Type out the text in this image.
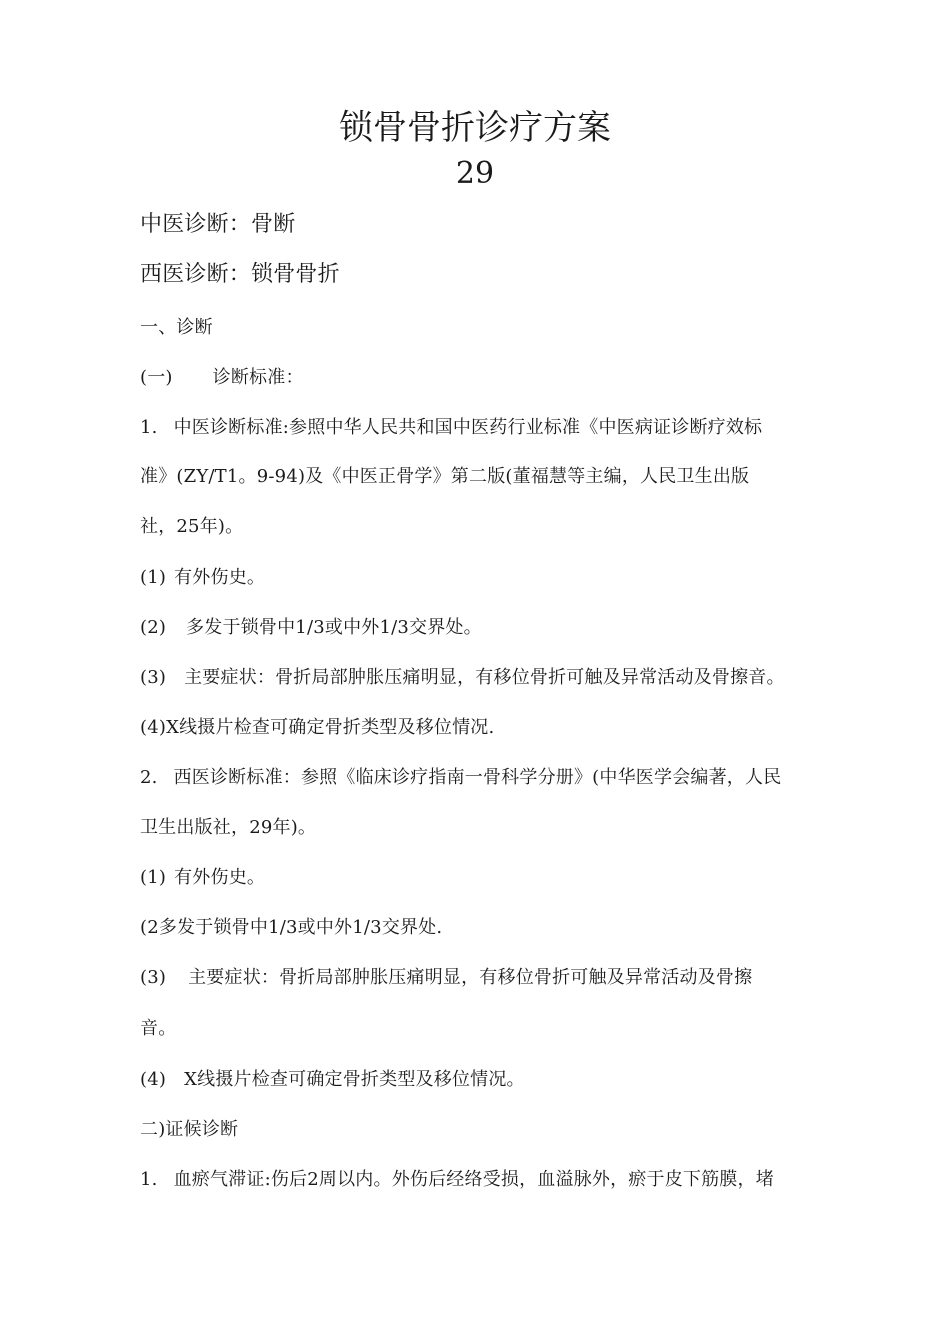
锁骨骨折诊疗方案
29
中医诊断：骨断
西医诊断：锁骨骨折
一、诊断
(一) 诊断标准：
1. 中医诊断标准:参照中华人民共和国中医药行业标准《中医病证诊断疗效标
准》(ZY/T1。9-94)及《中医正骨学》第二版(董福慧等主编，人民卫生出版
社，25年)。
(1) 有外伤史。
(2) 多发于锁骨中1/3或中外1/3交界处。
(3) 主要症状：骨折局部肿胀压痛明显，有移位骨折可触及异常活动及骨擦音。
(4)X线摄片检查可确定骨折类型及移位情况.
2. 西医诊断标准：参照《临床诊疗指南一骨科学分册》(中华医学会编著，人民
卫生出版社，29年)。
(1) 有外伤史。
(2多发于锁骨中1/3或中外1/3交界处.
(3) 主要症状：骨折局部肿胀压痛明显，有移位骨折可触及异常活动及骨擦
音。
(4) X线摄片检查可确定骨折类型及移位情况。
二)证候诊断
1. 血瘀气滞证:伤后2周以内。外伤后经络受损，血溢脉外，瘀于皮下筋膜，堵
